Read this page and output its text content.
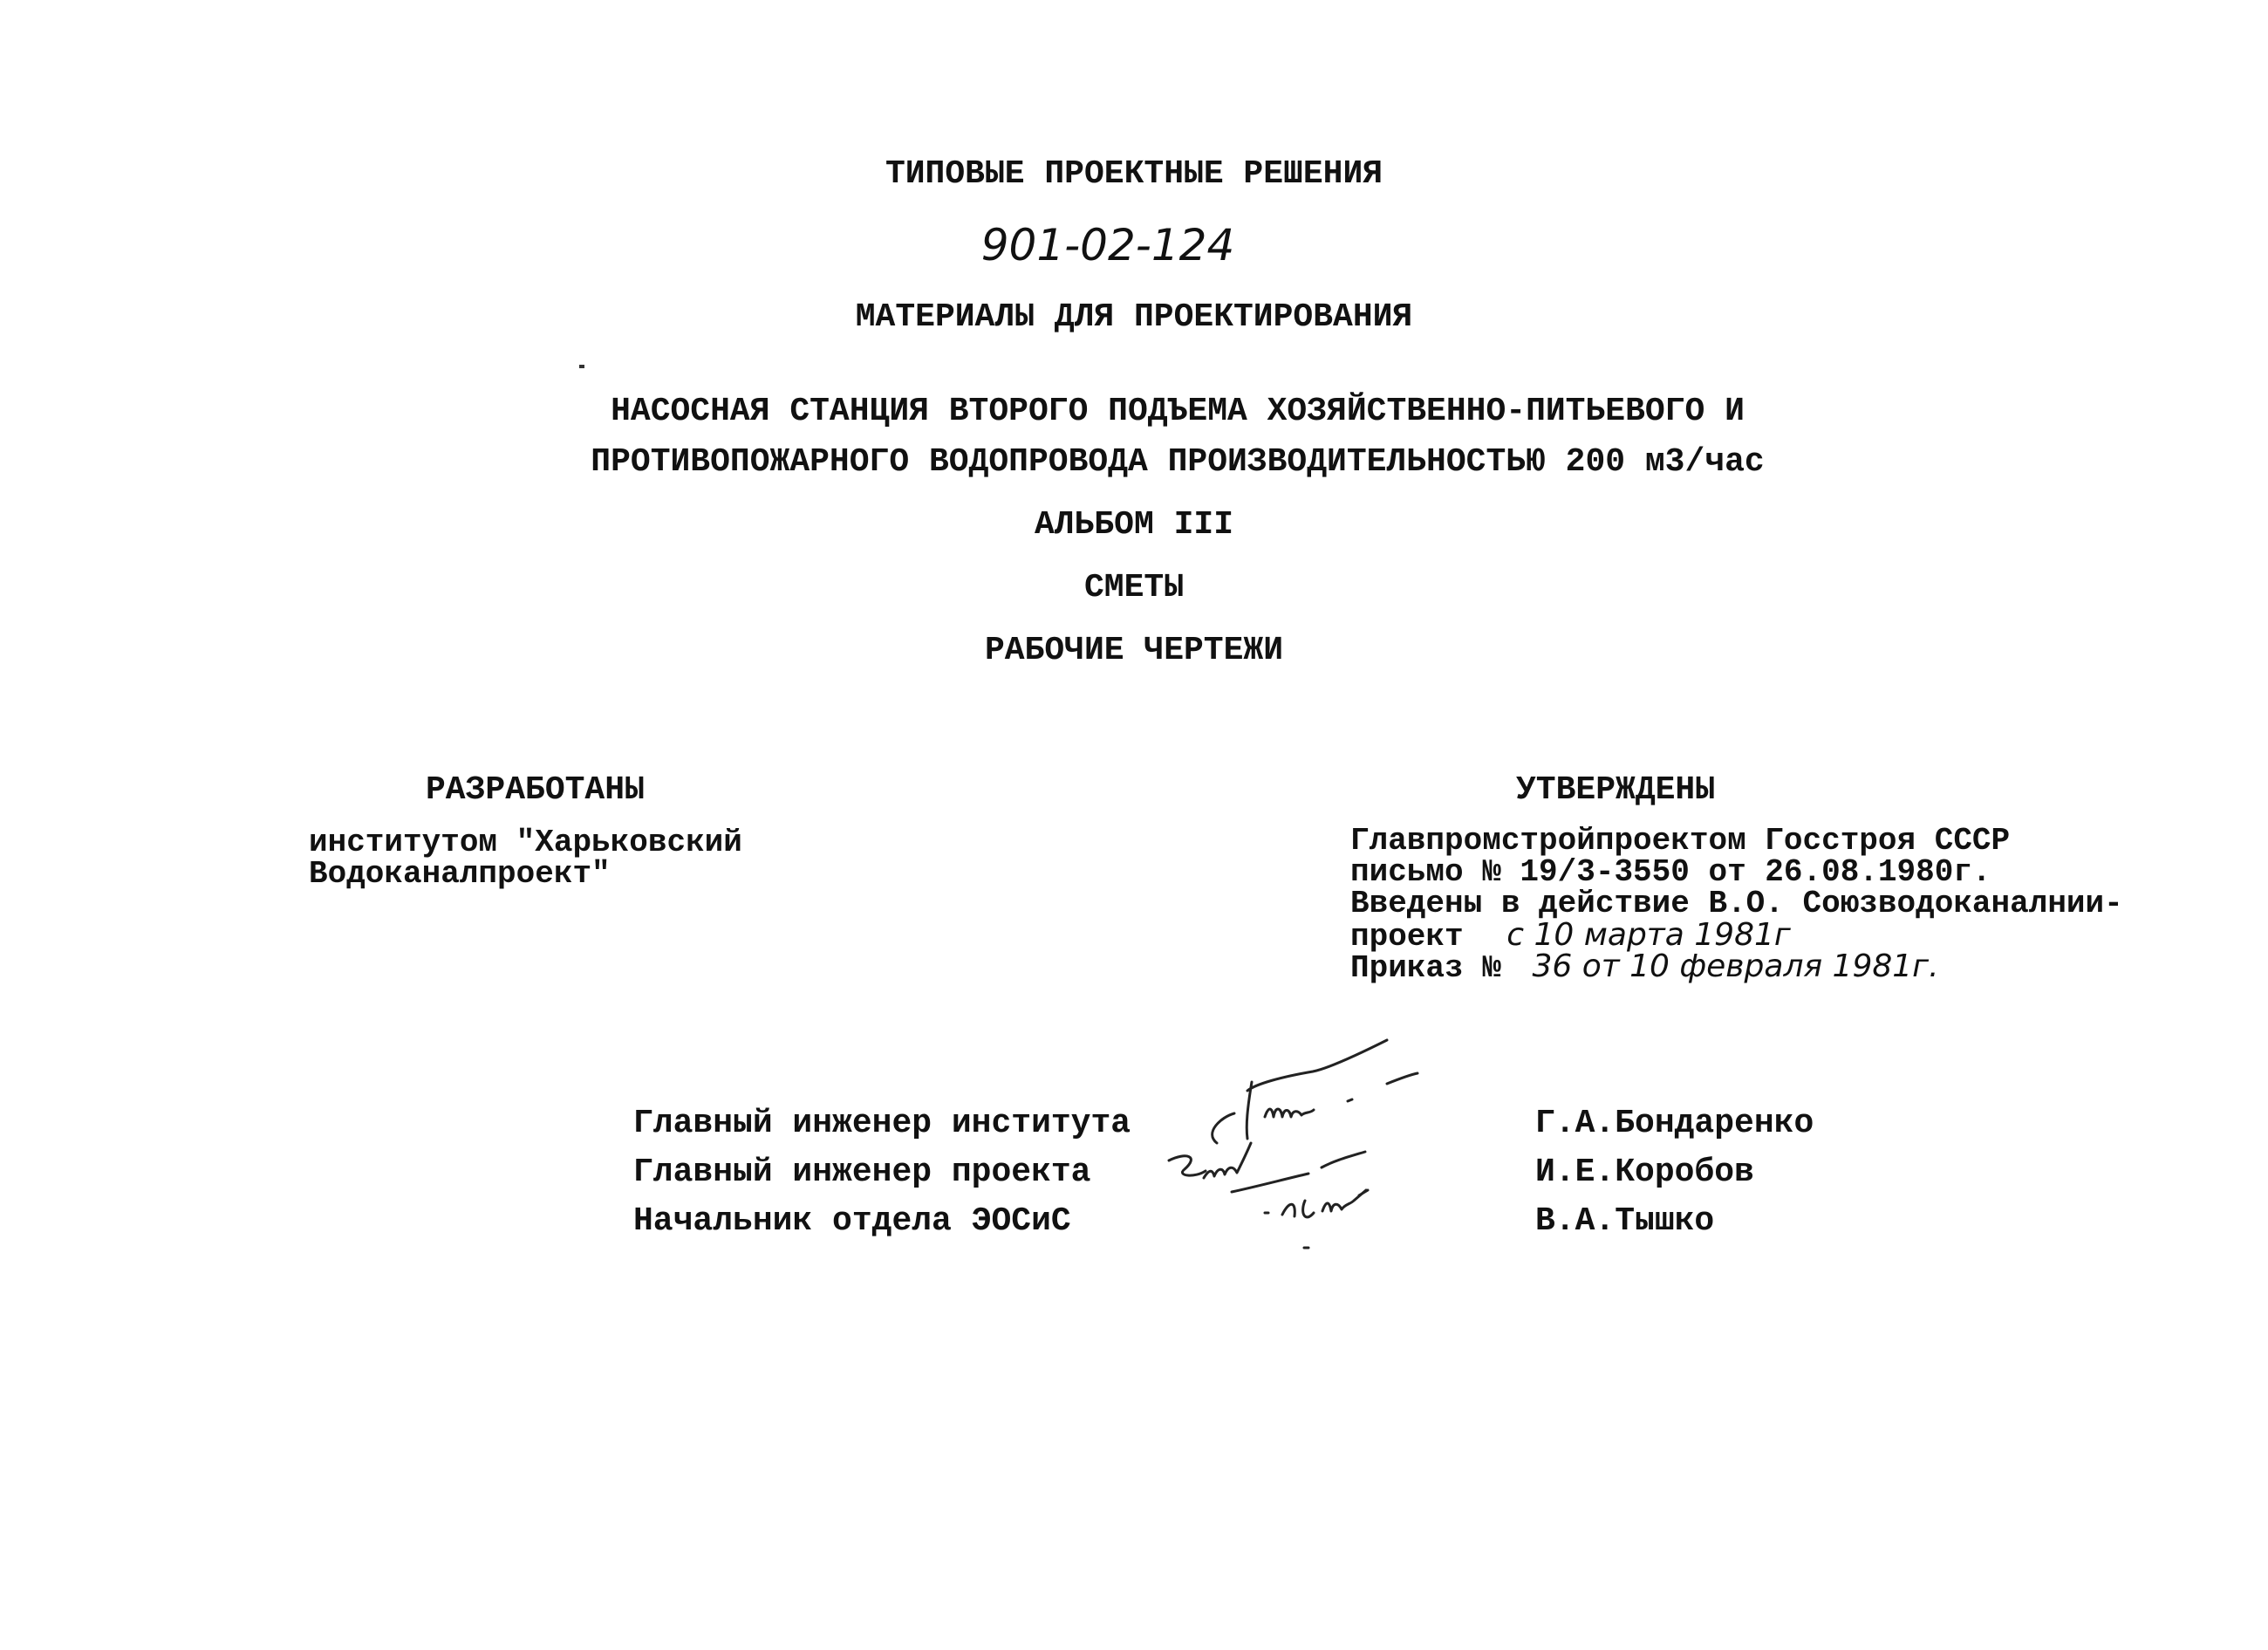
ТИПОВЫЕ ПРОЕКТНЫЕ РЕШЕНИЯ
901-02-124
МАТЕРИАЛЫ ДЛЯ ПРОЕКТИРОВАНИЯ
НАСОСНАЯ СТАНЦИЯ ВТОРОГО ПОДЪЕМА ХОЗЯЙСТВЕННО-ПИТЬЕВОГО И
ПРОТИВОПОЖАРНОГО ВОДОПРОВОДА ПРОИЗВОДИТЕЛЬНОСТЬЮ 200 м3/час
АЛЬБОМ III
СМЕТЫ
РАБОЧИЕ ЧЕРТЕЖИ
РАЗРАБОТАНЫ
институтом "Харьковский
Водоканалпроект"
УТВЕРЖДЕНЫ
Главпромстройпроектом Госстроя СССР
письмо № 19/3-3550 от 26.08.1980г.
Введены в действие В.О. Союзводоканалнии-
проект с 10 марта 1981г
Приказ № 36 от 10 февраля 1981г.
Главный инженер института
Главный инженер проекта
Начальник отдела ЭОСиС
Г.А.Бондаренко
И.Е.Коробов
В.А.Тышко
